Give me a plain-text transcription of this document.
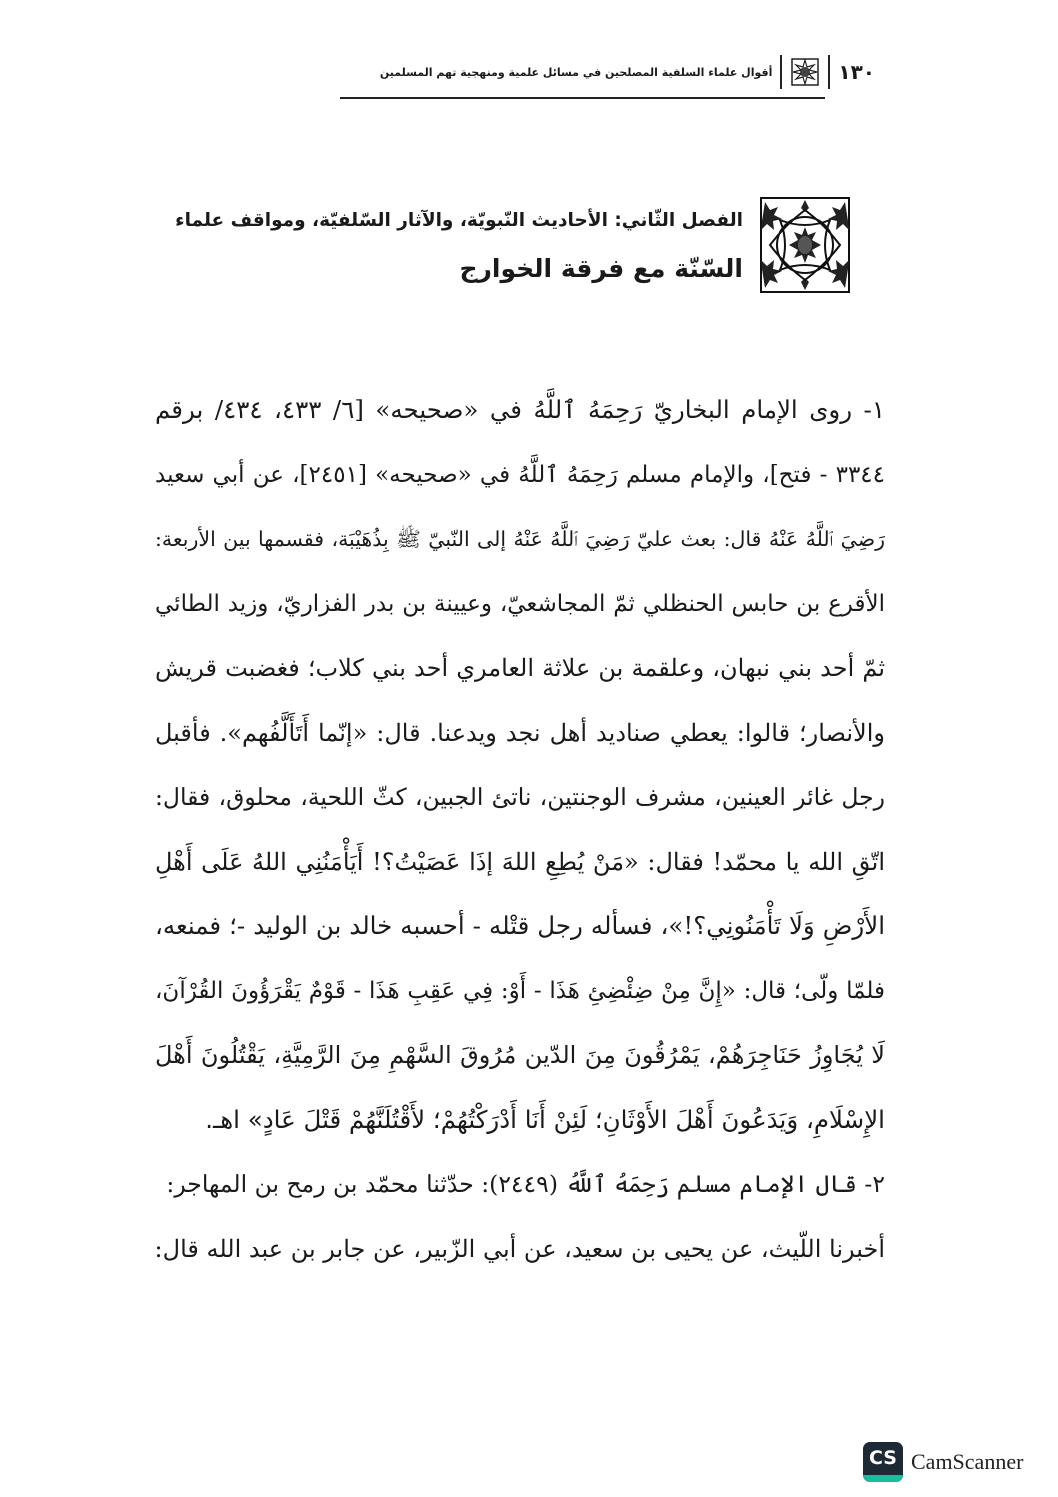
١٣٠
أقوال علماء السلفية المصلحين في مسائل علمية ومنهجية تهم المسلمين
الفصل الثّاني: الأحاديث النّبويّة، والآثار السّلفيّة، ومواقف علماء
السّنّة مع فرقة الخوارج
١- روى الإمام البخاريّ رَحِمَهُ ٱللَّهُ في «صحيحه» [٦/ ٤٣٣، ٤٣٤/ برقم
٣٣٤٤ - فتح]، والإمام مسلم رَحِمَهُ ٱللَّهُ في «صحيحه» [٢٤٥١]، عن أبي سعيد
رَضِيَ ٱللَّهُ عَنْهُ قال: بعث عليّ رَضِيَ ٱللَّهُ عَنْهُ إلى النّبيّ ﷺ بِذُهَيْبَة، فقسمها بين الأربعة:
الأقرع بن حابس الحنظلي ثمّ المجاشعيّ، وعيينة بن بدر الفزاريّ، وزيد الطائي
ثمّ أحد بني نبهان، وعلقمة بن علاثة العامري أحد بني كلاب؛ فغضبت قريش
والأنصار؛ قالوا: يعطي صناديد أهل نجد ويدعنا. قال: «إنّما أَتَأَلَّفُهم». فأقبل
رجل غائر العينين، مشرف الوجنتين، ناتئ الجبين، كثّ اللحية، محلوق، فقال:
اتّقِ الله يا محمّد! فقال: «مَنْ يُطِعِ اللهَ إذَا عَصَيْتُ؟! أَيَأْمَنُنِي اللهُ عَلَى أَهْلِ
الأَرْضِ وَلَا تَأْمَنُونِي؟!»، فسأله رجل قتْله - أحسبه خالد بن الوليد -؛ فمنعه،
فلمّا ولّى؛ قال: «إِنَّ مِنْ ضِئْضِئِ هَذَا - أَوْ: فِي عَقِبِ هَذَا - قَوْمٌ يَقْرَؤُونَ القُرْآنَ،
لَا يُجَاوِزُ حَنَاجِرَهُمْ، يَمْرُقُونَ مِنَ الدّين مُرُوقَ السَّهْمِ مِنَ الرَّمِيَّةِ، يَقْتُلُونَ أَهْلَ
الإِسْلَامِ، وَيَدَعُونَ أَهْلَ الأَوْثَانِ؛ لَئِنْ أَنَا أَدْرَكْتُهُمْ؛ لأَقْتُلَنَّهُمْ قَتْلَ عَادٍ» اهـ.
٢- قال الإمام مسلم رَحِمَهُ ٱللَّهُ (٢٤٤٩): حدّثنا محمّد بن رمح بن المهاجر:
أخبرنا اللّيث، عن يحيى بن سعيد، عن أبي الزّبير، عن جابر بن عبد الله قال:
CS CamScanner
